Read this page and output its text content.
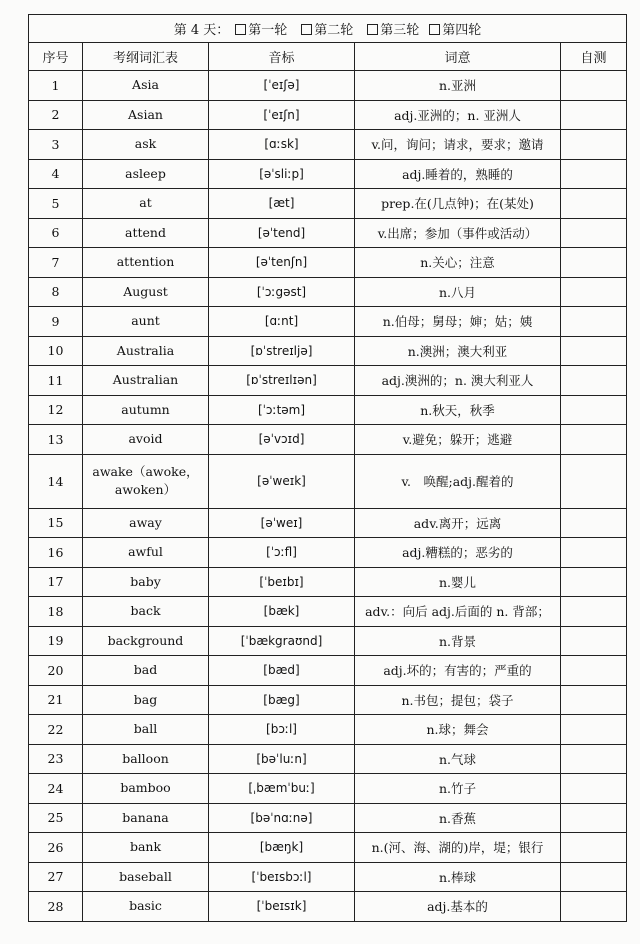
第 4 天： 第一轮 第二轮 第三轮 第四轮				
序号	考纲词汇表	音标	词意	自测
1	Asia	[ˈeɪʃə]	n.亚洲	
2	Asian	[ˈeɪʃn]	adj.亚洲的；n. 亚洲人	
3	ask	[ɑːsk]	v.问，询问；请求，要求；邀请	
4	asleep	[əˈsliːp]	adj.睡着的，熟睡的	
5	at	[æt]	prep.在(几点钟)；在(某处)	
6	attend	[əˈtend]	v.出席；参加（事件或活动）	
7	attention	[əˈtenʃn]	n.关心；注意	
8	August	[ˈɔːgəst]	n.八月	
9	aunt	[ɑːnt]	n.伯母；舅母；婶；姑；姨	
10	Australia	[ɒˈstreɪljə]	n.澳洲；澳大利亚	
11	Australian	[ɒˈstreɪlɪən]	adj.澳洲的；n. 澳大利亚人	
12	autumn	[ˈɔːtəm]	n.秋天，秋季	
13	avoid	[əˈvɔɪd]	v.避免；躲开；逃避	
14	awake（awoke，awoken）	[əˈweɪk]	v.　唤醒;adj.醒着的	
15	away	[əˈweɪ]	adv.离开；远离	
16	awful	[ˈɔːfl]	adj.糟糕的；恶劣的	
17	baby	[ˈbeɪbɪ]	n.婴儿	
18	back	[bæk]	adv.：向后 adj.后面的 n. 背部；	
19	background	[ˈbækgraʊnd]	n.背景	
20	bad	[bæd]	adj.坏的；有害的；严重的	
21	bag	[bæg]	n.书包；提包；袋子	
22	ball	[bɔːl]	n.球；舞会	
23	balloon	[bəˈluːn]	n.气球	
24	bamboo	[ˌbæmˈbuː]	n.竹子	
25	banana	[bəˈnɑːnə]	n.香蕉	
26	bank	[bæŋk]	n.(河、海、湖的)岸，堤；银行	
27	baseball	[ˈbeɪsbɔːl]	n.棒球	
28	basic	[ˈbeɪsɪk]	adj.基本的	
